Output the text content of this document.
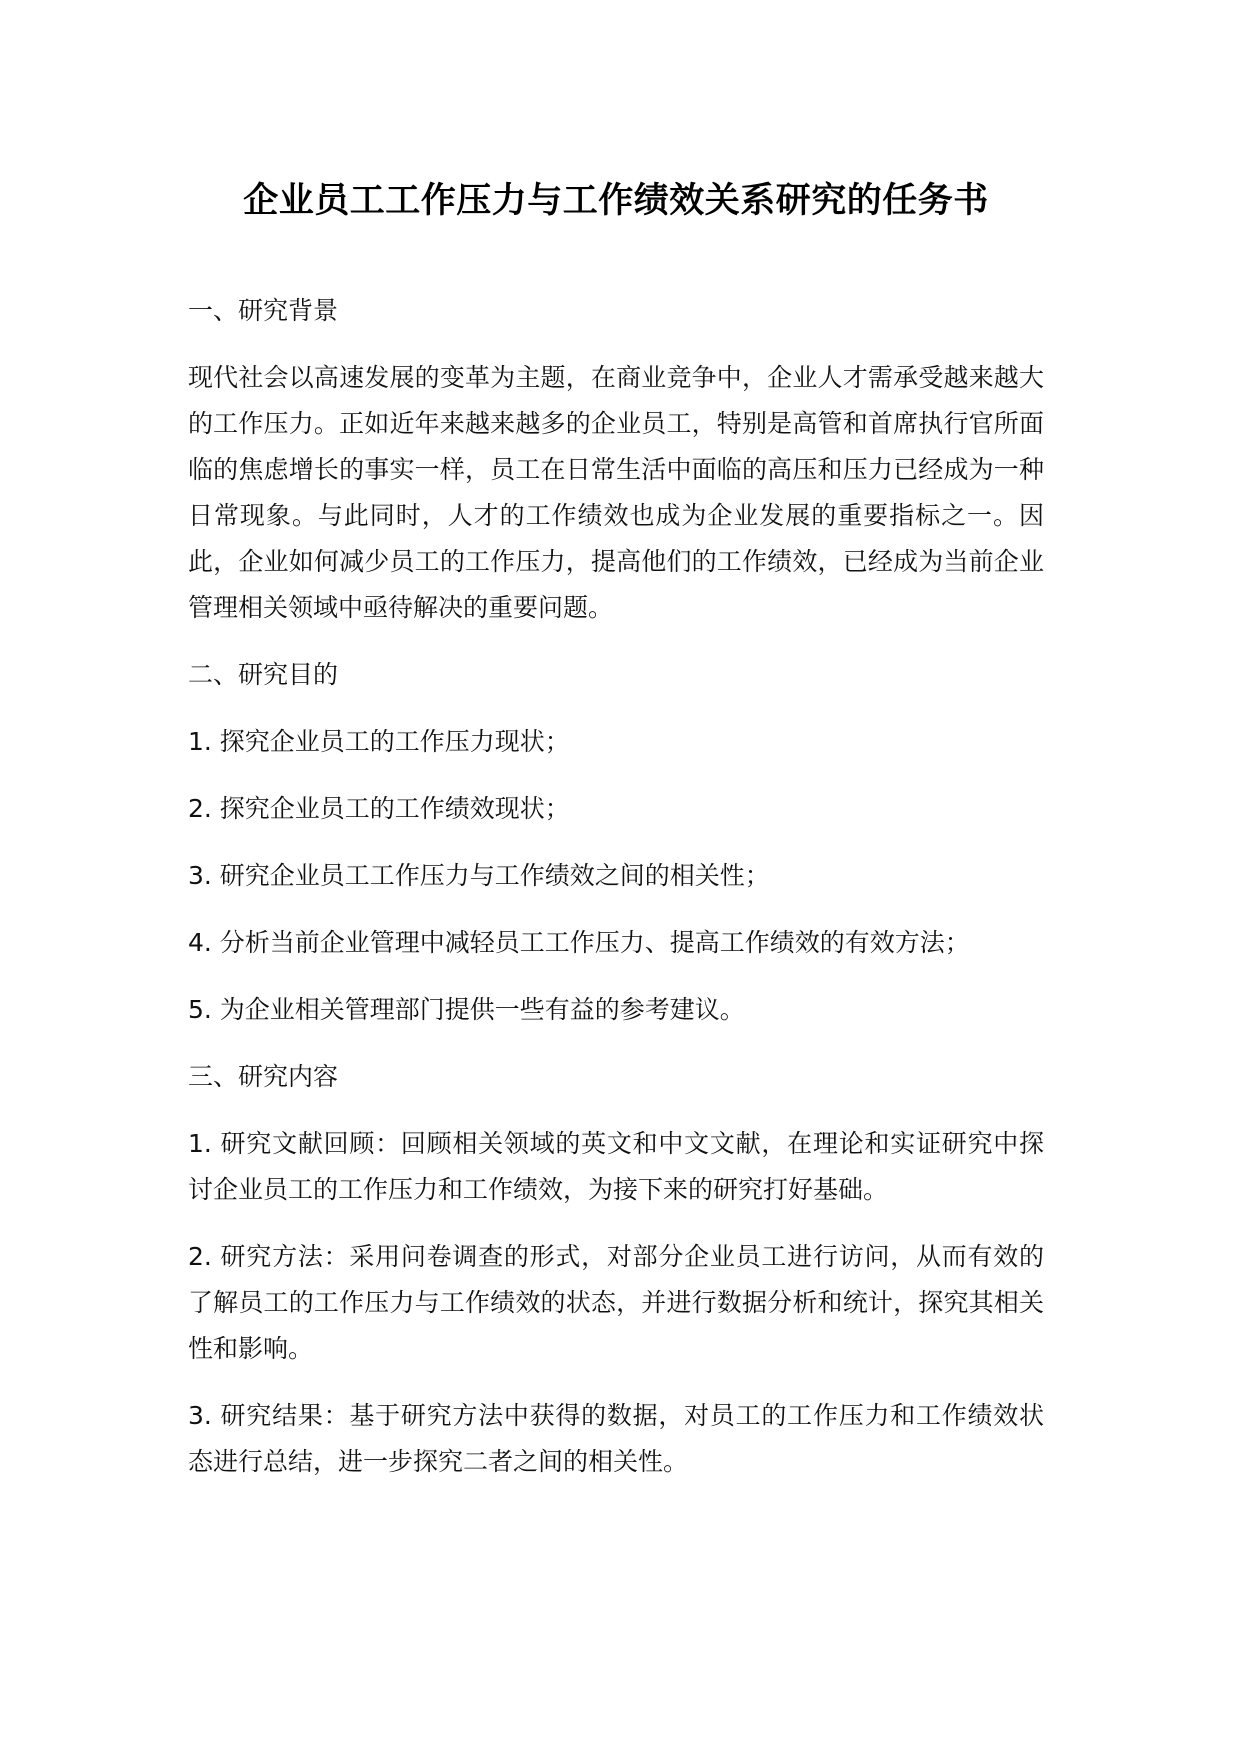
企业员工工作压力与工作绩效关系研究的任务书
一、研究背景

现代社会以高速发展的变革为主题，在商业竞争中，企业人才需承受越来越大的工作压力。正如近年来越来越多的企业员工，特别是高管和首席执行官所面临的焦虑增长的事实一样，员工在日常生活中面临的高压和压力已经成为一种日常现象。与此同时，人才的工作绩效也成为企业发展的重要指标之一。因此，企业如何减少员工的工作压力，提高他们的工作绩效，已经成为当前企业管理相关领域中亟待解决的重要问题。

二、研究目的
1. 探究企业员工的工作压力现状；
2. 探究企业员工的工作绩效现状；
3. 研究企业员工工作压力与工作绩效之间的相关性；
4. 分析当前企业管理中减轻员工工作压力、提高工作绩效的有效方法；
5. 为企业相关管理部门提供一些有益的参考建议。
三、研究内容
1. 研究文献回顾：回顾相关领域的英文和中文文献，在理论和实证研究中探讨企业员工的工作压力和工作绩效，为接下来的研究打好基础。
2. 研究方法：采用问卷调查的形式，对部分企业员工进行访问，从而有效的了解员工的工作压力与工作绩效的状态，并进行数据分析和统计，探究其相关性和影响。
3. 研究结果：基于研究方法中获得的数据，对员工的工作压力和工作绩效状态进行总结，进一步探究二者之间的相关性。
